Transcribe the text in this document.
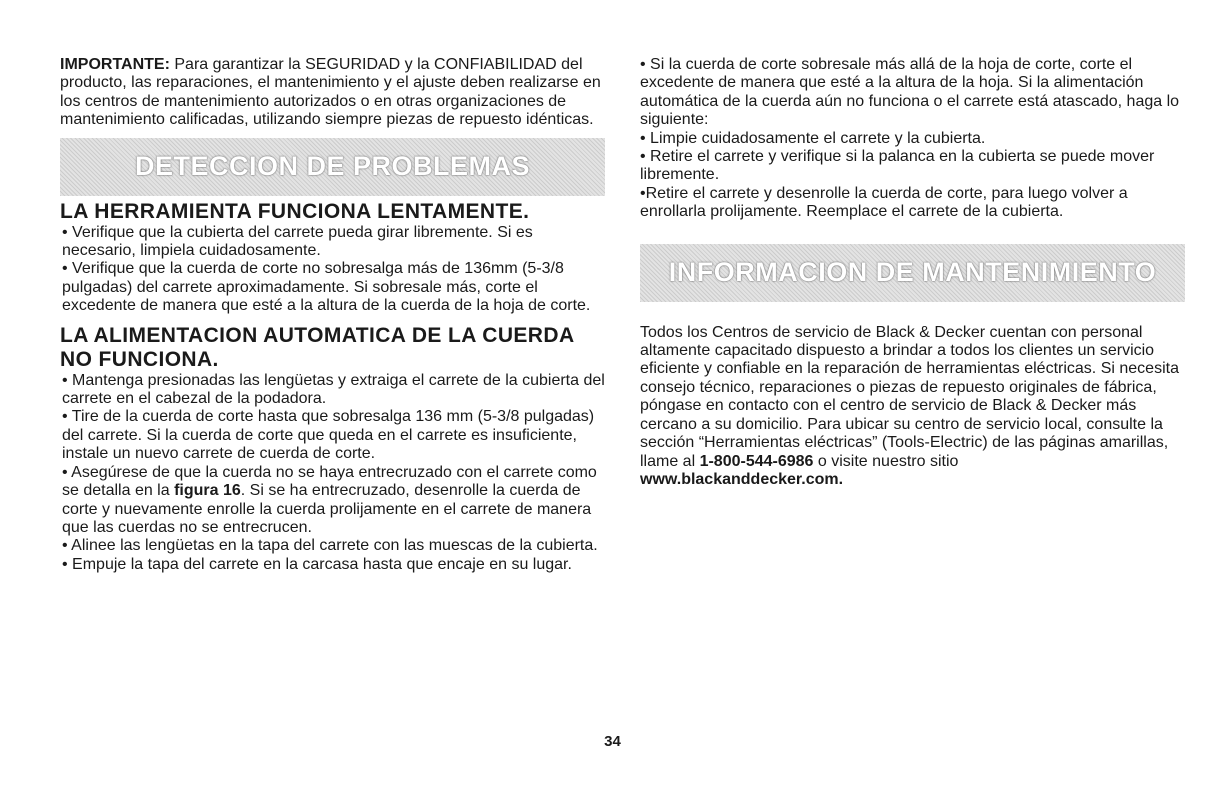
IMPORTANTE: Para garantizar la SEGURIDAD y la CONFIABILIDAD del producto, las reparaciones, el mantenimiento y el ajuste deben realizarse en los centros de mantenimiento autorizados o en otras organizaciones de mantenimiento calificadas, utilizando siempre piezas de repuesto idénticas.

DETECCION DE PROBLEMAS
LA HERRAMIENTA FUNCIONA LENTAMENTE.

• Verifique que la cubierta del carrete pueda girar libremente. Si es necesario, limpiela cuidadosamente.

• Verifique que la cuerda de corte no sobresalga más de 136mm (5-3/8 pulgadas) del carrete aproximadamente. Si sobresale más, corte el excedente de manera que esté a la altura de la cuerda de la hoja de corte.

LA ALIMENTACION AUTOMATICA DE LA CUERDA
NO FUNCIONA.

• Mantenga presionadas las lengüetas y extraiga el carrete de la cubierta del carrete en el cabezal de la podadora.

• Tire de la cuerda de corte hasta que sobresalga 136 mm (5-3/8 pulgadas) del carrete. Si la cuerda de corte que queda en el carrete es insuficiente, instale un nuevo carrete de cuerda de corte.

• Asegúrese de que la cuerda no se haya entrecruzado con el carrete como se detalla en la figura 16. Si se ha entrecruzado, desenrolle la cuerda de corte y nuevamente enrolle la cuerda prolijamente en el carrete de manera que las cuerdas no se entrecrucen.

• Alinee las lengüetas en la tapa del carrete con las muescas de la cubierta.

• Empuje la tapa del carrete en la carcasa hasta que encaje en su lugar.

• Si la cuerda de corte sobresale más allá de la hoja de corte, corte el excedente de manera que esté a la altura de la hoja. Si la alimentación automática de la cuerda aún no funciona o el carrete está atascado, haga lo siguiente:

• Limpie cuidadosamente el carrete y la cubierta.

• Retire el carrete y verifique si la palanca en la cubierta se puede mover libremente.

•Retire el carrete y desenrolle la cuerda de corte, para luego volver a enrollarla prolijamente. Reemplace el carrete de la cubierta.

INFORMACION DE MANTENIMIENTO

Todos los Centros de servicio de Black & Decker cuentan con personal altamente capacitado dispuesto a brindar a todos los clientes un servicio eficiente y confiable en la reparación de herramientas eléctricas. Si necesita consejo técnico, reparaciones o piezas de repuesto originales de fábrica, póngase en contacto con el centro de servicio de Black & Decker más cercano a su domicilio. Para ubicar su centro de servicio local, consulte la sección “Herramientas eléctricas” (Tools-Electric) de las páginas amarillas, llame al 1-800-544-6986 o visite nuestro sitio
www.blackanddecker.com.

34
